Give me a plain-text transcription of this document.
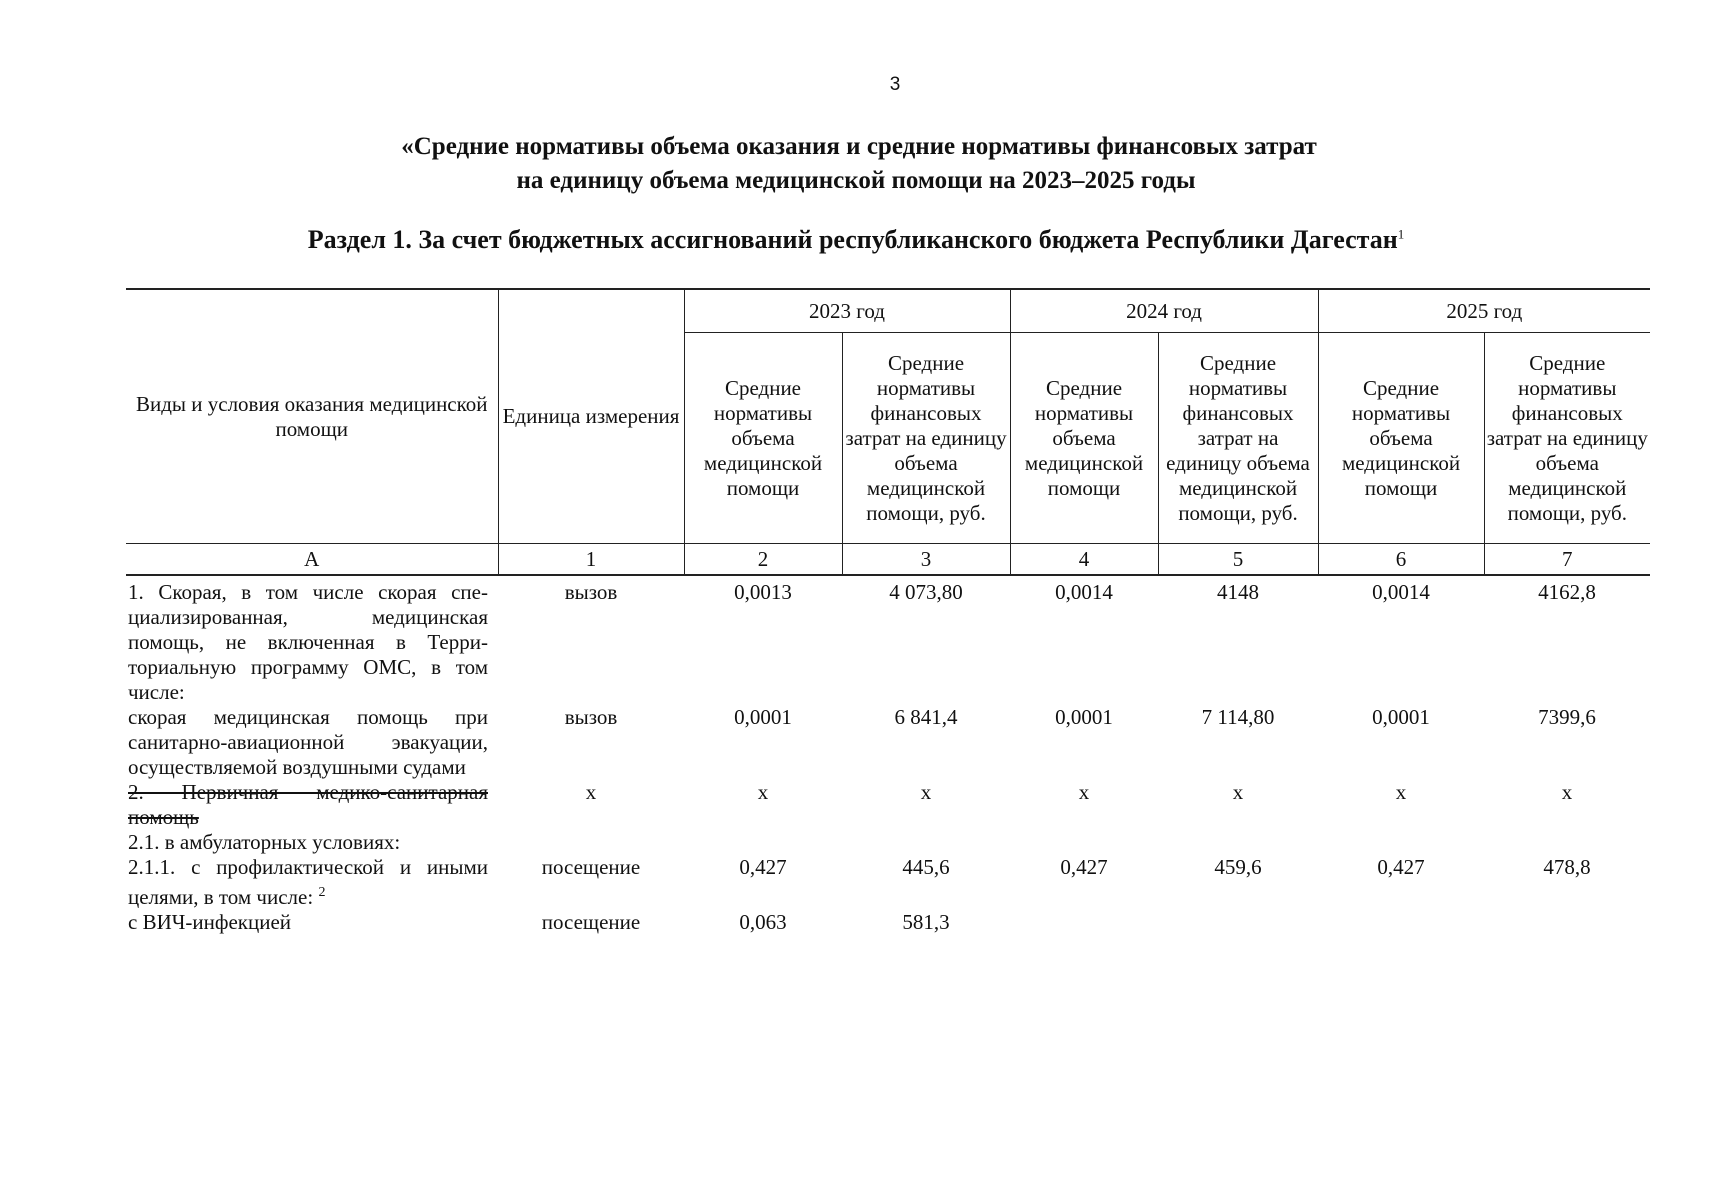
3
«Средние нормативы объема оказания и средние нормативы финансовых затрат
на единицу объема медицинской помощи на 2023–2025 годы
Раздел 1. За счет бюджетных ассигнований республиканского бюджета Республики Дагестан$^1$
Виды и условия оказания медицинской помощи	Единица измерения	2023 год		2024 год		2025 год	
		Средние нормативы объема медицинской помощи	Средние нормативы финансовых затрат на единицу объема медицинской помощи, руб.	Средние нормативы объема медицинской помощи	Средние нормативы финансовых затрат на единицу объема медицинской помощи, руб.	Средние нормативы объема медицинской помощи	Средние нормативы финансовых затрат на единицу объема медицинской помощи, руб.
А	1	2	3	4	5	6	7
1. Скорая, в том числе скорая специализированная, медицинская помощь, не включенная в Территориальную программу ОМС, в том числе:	вызов	0,0013	4 073,80	0,0014	4148	0,0014	4162,8
скорая медицинская помощь при санитарно-авиационной эвакуации, осуществляемой воздушными судами	вызов	0,0001	6 841,4	0,0001	7 114,80	0,0001	7399,6
2. Первичная медико-санитарная помощь	х	х	х	х	х	х	х
2.1. в амбулаторных условиях:							
2.1.1. с профилактической и иными целями, в том числе: $^2$	посещение	0,427	445,6	0,427	459,6	0,427	478,8
с ВИЧ-инфекцией	посещение	0,063	581,3				
